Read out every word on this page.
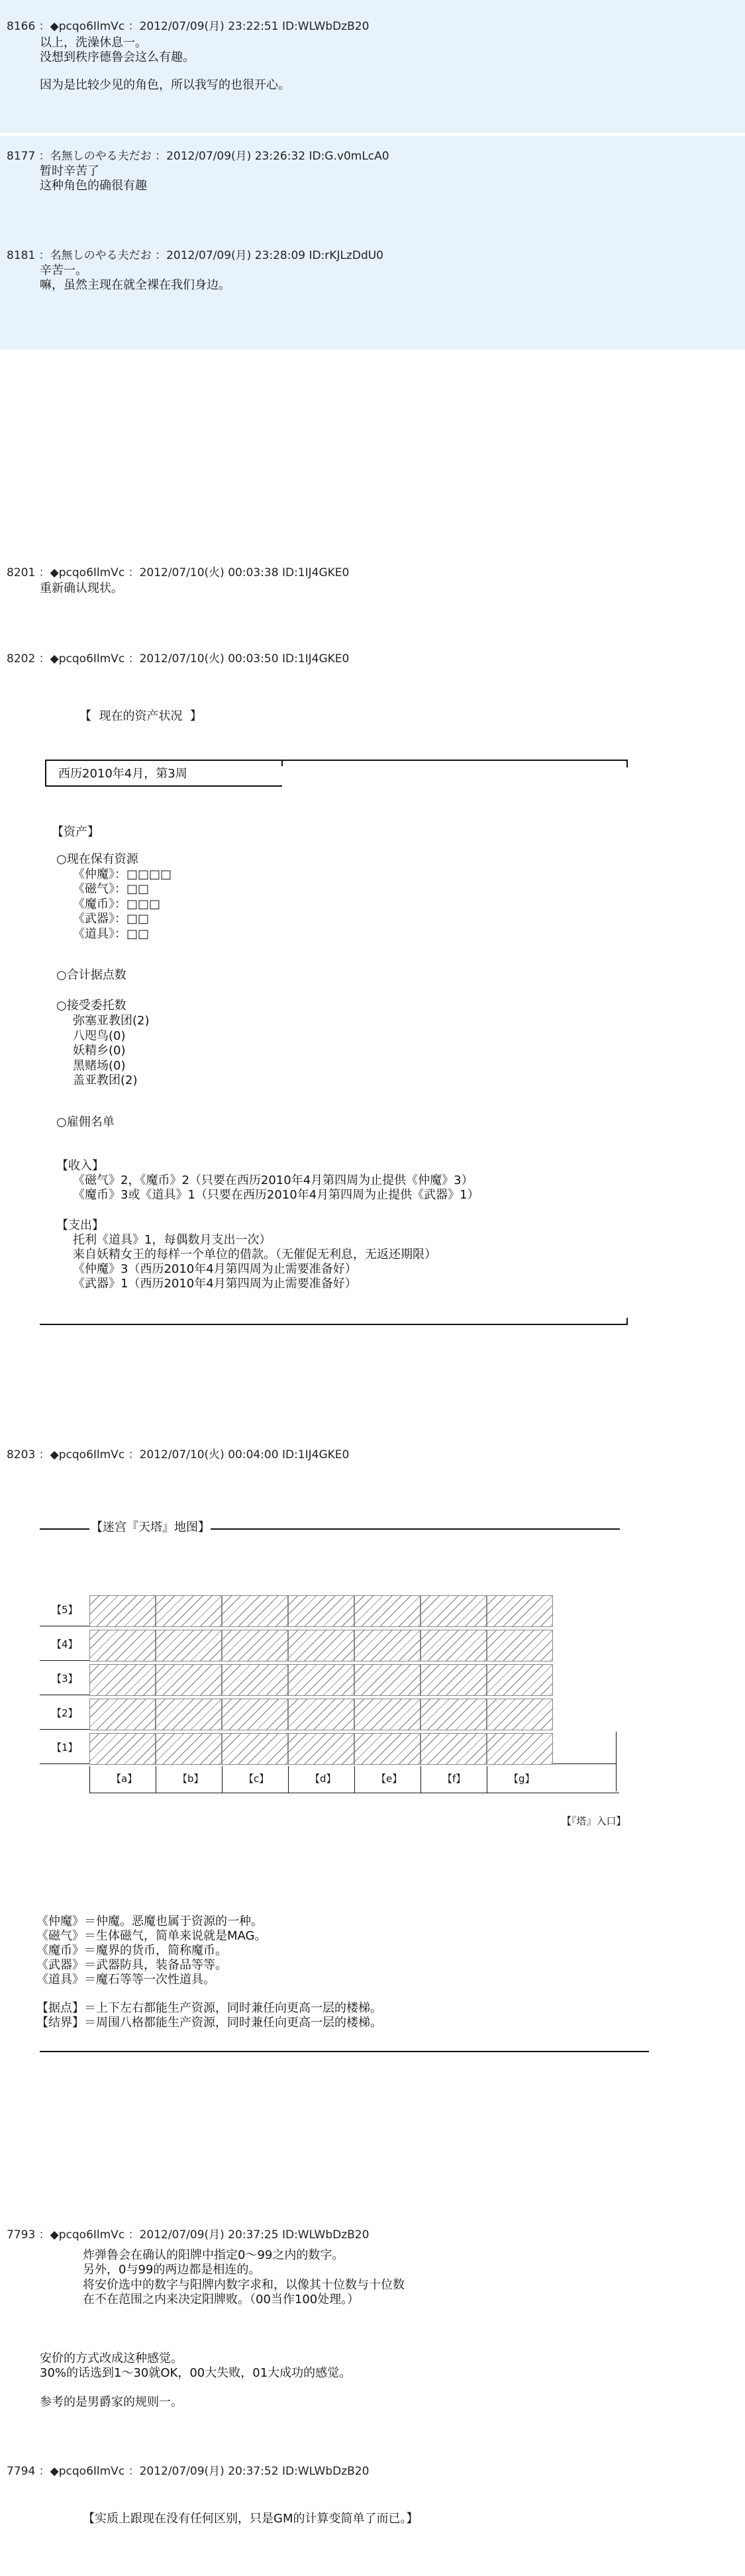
8166 ：◆pcqo6IlmVc ：2012/07/09(月) 23:22:51 ID:WLWbDzB20
以上，洗澡休息一。
没想到秩序德鲁会这么有趣。
因为是比较少见的角色，所以我写的也很开心。
8177 ：名無しのやる夫だお ：2012/07/09(月) 23:26:32 ID:G.v0mLcA0
暂时辛苦了
这种角色的确很有趣
8181 ：名無しのやる夫だお ：2012/07/09(月) 23:28:09 ID:rKJLzDdU0
辛苦一。
嘛，虽然主现在就全裸在我们身边。
8201 ：◆pcqo6IlmVc ：2012/07/10(火) 00:03:38 ID:1IJ4GKE0
重新确认现状。
8202 ：◆pcqo6IlmVc ：2012/07/10(火) 00:03:50 ID:1IJ4GKE0
【  现在的资产状况  】
西历2010年4月，第3周
【资产】
○现在保有资源
《仲魔》：□□□□
《磁气》：□□
《魔币》：□□□
《武器》：□□
《道具》：□□
○合计据点数
○接受委托数
弥塞亚教团(2)
八咫鸟(0)
妖精乡(0)
黑赌场(0)
盖亚教团(2)
○雇佣名单
【收入】
《磁气》2，《魔币》2（只要在西历2010年4月第四周为止提供《仲魔》3）
《魔币》3或《道具》1（只要在西历2010年4月第四周为止提供《武器》1）
【支出】
托利《道具》1，每偶数月支出一次）
来自妖精女王的每样一个单位的借款。（无催促无利息，无返还期限）
《仲魔》3（西历2010年4月第四周为止需要准备好）
《武器》1（西历2010年4月第四周为止需要准备好）
8203 ：◆pcqo6IlmVc ：2012/07/10(火) 00:04:00 ID:1IJ4GKE0
【迷宫『天塔』地图】
【『塔』入口】
《仲魔》＝仲魔。恶魔也属于资源的一种。
《磁气》＝生体磁气，简单来说就是MAG。
《魔币》＝魔界的货币，简称魔币。
《武器》＝武器防具，装备品等等。
《道具》＝魔石等等一次性道具。
【据点】＝上下左右都能生产资源，同时兼任向更高一层的楼梯。
【结界】＝周围八格都能生产资源，同时兼任向更高一层的楼梯。
7793 ：◆pcqo6IlmVc ：2012/07/09(月) 20:37:25 ID:WLWbDzB20
炸弹鲁会在确认的阳牌中指定0～99之内的数字。
另外，0与99的两边都是相连的。
将安价选中的数字与阳牌内数字求和，以像其十位数与十位数
在不在范围之内来决定阳牌败。（00当作100处理。）
安价的方式改成这种感觉。
30%的话选到1～30就OK，00大失败，01大成功的感觉。
参考的是男爵家的规则一。
7794 ：◆pcqo6IlmVc ：2012/07/09(月) 20:37:52 ID:WLWbDzB20
【实质上跟现在没有任何区别，只是GM的计算变简单了而已。】
【5】
【4】
【3】
【2】
【1】
【a】	【b】	【c】	【d】	【e】	【f】	【g】
